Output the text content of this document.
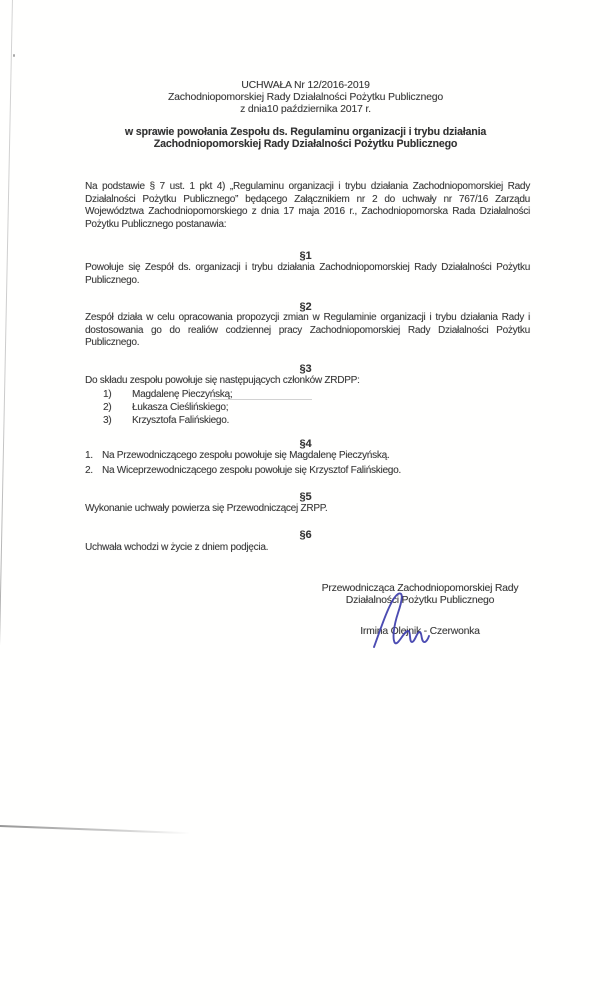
UCHWAŁA Nr 12/2016-2019
Zachodniopomorskiej Rady Działalności Pożytku Publicznego
z dnia10 października 2017 r.
w sprawie powołania Zespołu ds. Regulaminu organizacji i trybu działania
Zachodniopomorskiej Rady Działalności Pożytku Publicznego
Na podstawie § 7 ust. 1 pkt 4) „Regulaminu organizacji i trybu działania Zachodniopomorskiej Rady Działalności Pożytku Publicznego” będącego Załącznikiem nr 2 do uchwały nr 767/16 Zarządu Województwa Zachodniopomorskiego z dnia 17 maja 2016 r., Zachodniopomorska Rada Działalności Pożytku Publicznego postanawia:
§1
Powołuje się Zespół ds. organizacji i trybu działania Zachodniopomorskiej Rady Działalności Pożytku Publicznego.
§2
Zespół działa w celu opracowania propozycji zmian w Regulaminie organizacji i trybu działania Rady i dostosowania go do realiów codziennej pracy Zachodniopomorskiej Rady Działalności Pożytku Publicznego.
§3
Do składu zespołu powołuje się następujących członków ZRDPP:
1)	Magdalenę Pieczyńską;
2)	Łukasza Cieślińskiego;
3)	Krzysztofa Falińskiego.
§4
1. Na Przewodniczącego zespołu powołuje się Magdalenę Pieczyńską.
2. Na Wiceprzewodniczącego zespołu powołuje się Krzysztof Falińskiego.
§5
Wykonanie uchwały powierza się Przewodniczącej ZRPP.
§6
Uchwała wchodzi w życie z dniem podjęcia.
Przewodnicząca Zachodniopomorskiej Rady
Działalności Pożytku Publicznego
Irmina Olejnik - Czerwonka
